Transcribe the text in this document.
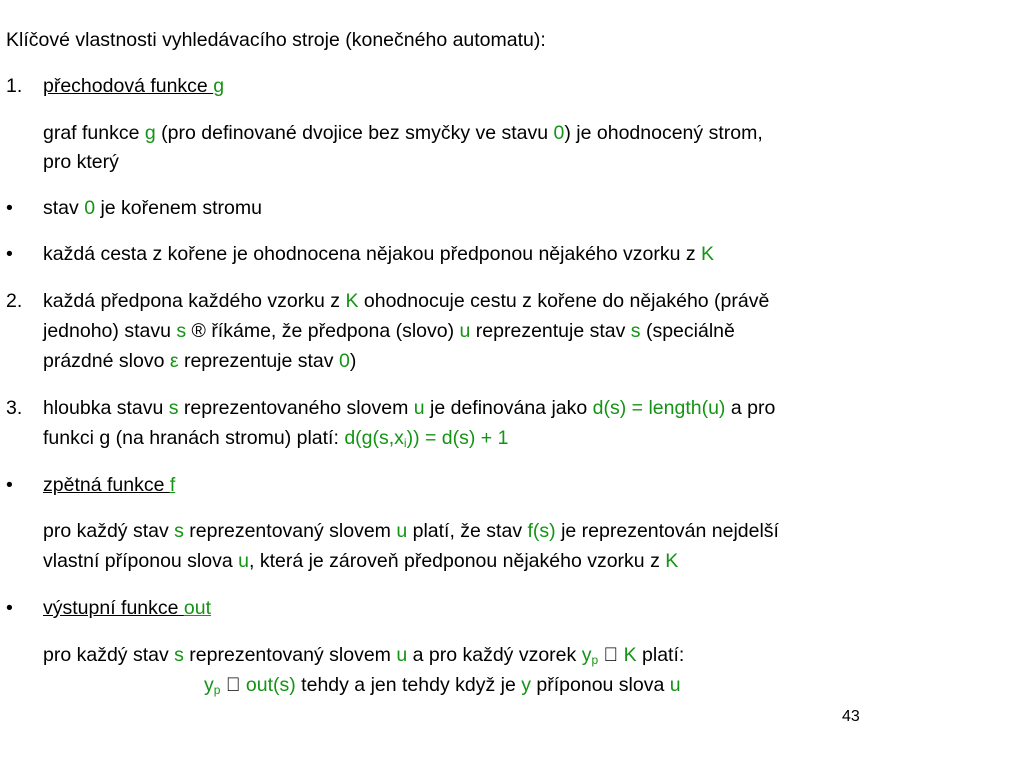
Klíčové vlastnosti vyhledávacího stroje (konečného automatu):
1. přechodová funkce g
graf funkce g (pro definované dvojice bez smyčky ve stavu 0) je ohodnocený strom,
pro který
• stav 0 je kořenem stromu
• každá cesta z kořene je ohodnocena nějakou předponou nějakého vzorku z K
2. každá předpona každého vzorku z K ohodnocuje cestu z kořene do nějakého (právě
jednoho) stavu s ® říkáme, že předpona (slovo) u reprezentuje stav s (speciálně
prázdné slovo ε reprezentuje stav 0)
3. hloubka stavu s reprezentovaného slovem u je definována jako d(s) = length(u) a pro
funkci g (na hranách stromu) platí: $d(g(s,x_i)) = d(s) + 1$
• zpětná funkce f
pro každý stav s reprezentovaný slovem u platí, že stav f(s) je reprezentován nejdelší
vlastní příponou slova u, která je zároveň předponou nějakého vzorku z K
• výstupní funkce out
pro každý stav s reprezentovaný slovem u a pro každý vzorek $y_p$ K platí:
$y_p$ out(s) tehdy a jen tehdy když je y příponou slova u
43
